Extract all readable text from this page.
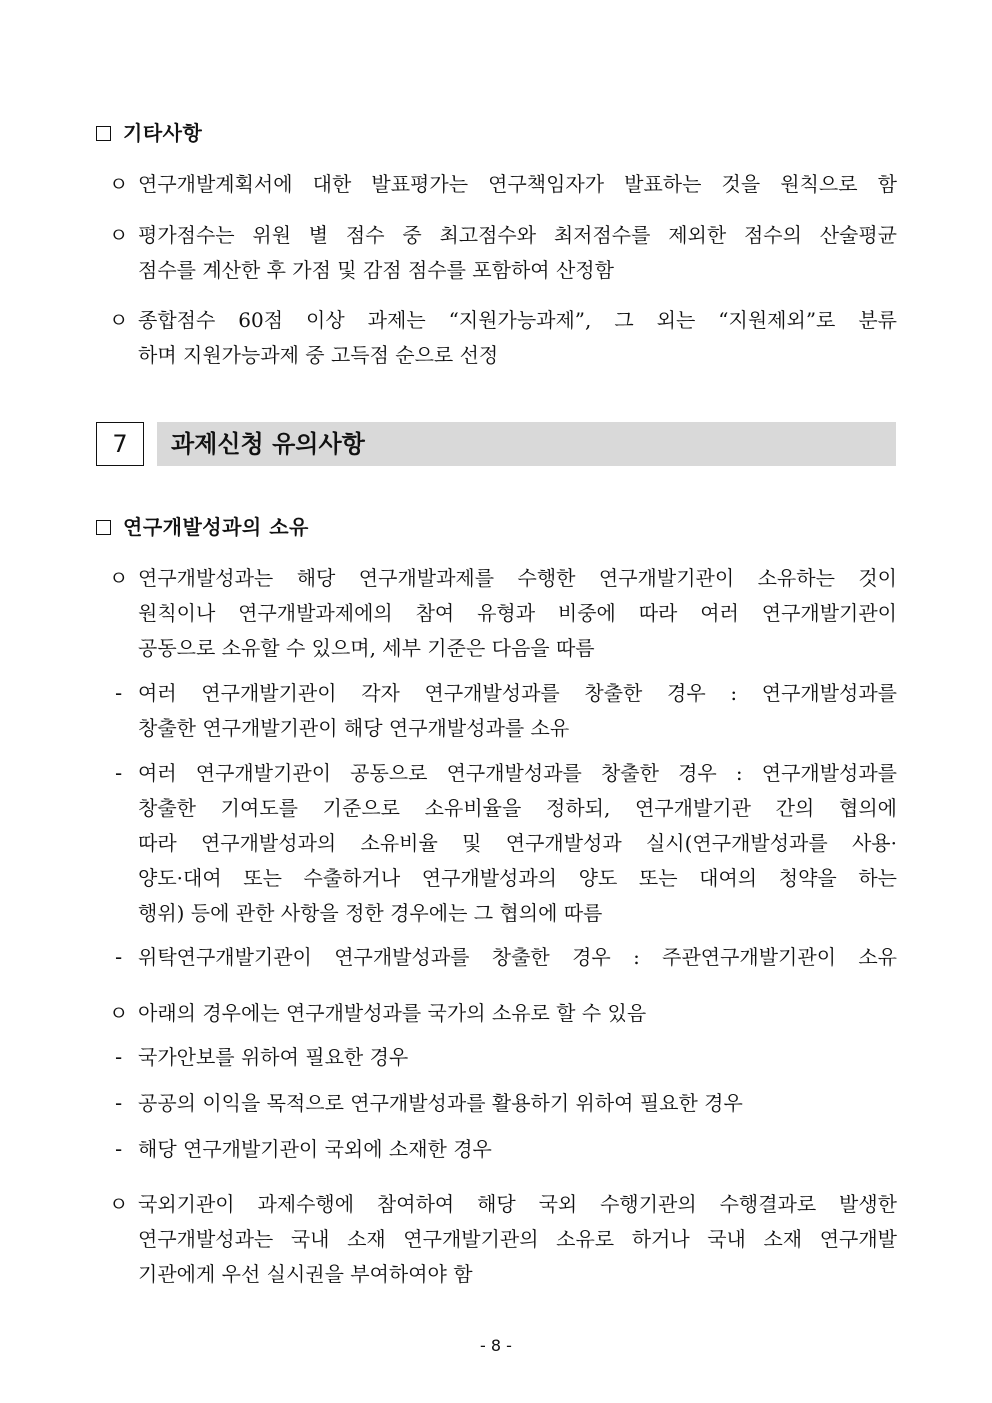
기타사항
ㅇ 연구개발계획서에 대한 발표평가는 연구책임자가 발표하는 것을 원칙으로 함
ㅇ 평가점수는 위원 별 점수 중 최고점수와 최저점수를 제외한 점수의 산술평균
점수를 계산한 후 가점 및 감점 점수를 포함하여 산정함
ㅇ 종합점수 60점 이상 과제는 “지원가능과제”, 그 외는 “지원제외”로 분류
하며 지원가능과제 중 고득점 순으로 선정
7	과제신청 유의사항
연구개발성과의 소유
ㅇ 연구개발성과는 해당 연구개발과제를 수행한 연구개발기관이 소유하는 것이
원칙이나 연구개발과제에의 참여 유형과 비중에 따라 여러 연구개발기관이
공동으로 소유할 수 있으며, 세부 기준은 다음을 따름
- 여러 연구개발기관이 각자 연구개발성과를 창출한 경우 : 연구개발성과를
창출한 연구개발기관이 해당 연구개발성과를 소유
- 여러 연구개발기관이 공동으로 연구개발성과를 창출한 경우 : 연구개발성과를
창출한 기여도를 기준으로 소유비율을 정하되, 연구개발기관 간의 협의에
따라 연구개발성과의 소유비율 및 연구개발성과 실시(연구개발성과를 사용·
양도·대여 또는 수출하거나 연구개발성과의 양도 또는 대여의 청약을 하는
행위) 등에 관한 사항을 정한 경우에는 그 협의에 따름
- 위탁연구개발기관이 연구개발성과를 창출한 경우 : 주관연구개발기관이 소유
ㅇ 아래의 경우에는 연구개발성과를 국가의 소유로 할 수 있음
- 국가안보를 위하여 필요한 경우
- 공공의 이익을 목적으로 연구개발성과를 활용하기 위하여 필요한 경우
- 해당 연구개발기관이 국외에 소재한 경우
ㅇ 국외기관이 과제수행에 참여하여 해당 국외 수행기관의 수행결과로 발생한
연구개발성과는 국내 소재 연구개발기관의 소유로 하거나 국내 소재 연구개발
기관에게 우선 실시권을 부여하여야 함
- 8 -
